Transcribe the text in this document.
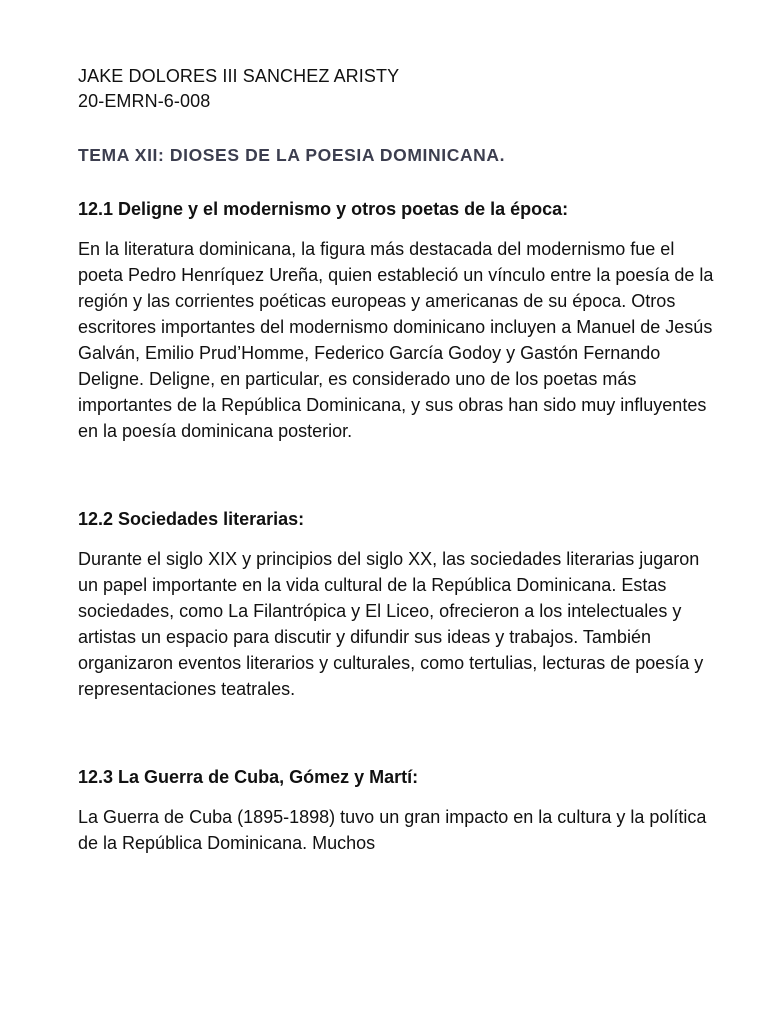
JAKE DOLORES III SANCHEZ ARISTY

20-EMRN-6-008

TEMA XII: DIOSES DE LA POESIA DOMINICANA.
12.1 Deligne y el modernismo y otros poetas de la época:

En la literatura dominicana, la figura más destacada del modernismo fue el poeta Pedro Henríquez Ureña, quien estableció un vínculo entre la poesía de la región y las corrientes poéticas europeas y americanas de su época. Otros escritores importantes del modernismo dominicano incluyen a Manuel de Jesús Galván, Emilio Prud’Homme, Federico García Godoy y Gastón Fernando Deligne. Deligne, en particular, es considerado uno de los poetas más importantes de la República Dominicana, y sus obras han sido muy influyentes en la poesía dominicana posterior.

12.2 Sociedades literarias:

Durante el siglo XIX y principios del siglo XX, las sociedades literarias jugaron un papel importante en la vida cultural de la República Dominicana. Estas sociedades, como La Filantrópica y El Liceo, ofrecieron a los intelectuales y artistas un espacio para discutir y difundir sus ideas y trabajos. También organizaron eventos literarios y culturales, como tertulias, lecturas de poesía y representaciones teatrales.

12.3 La Guerra de Cuba, Gómez y Martí:

La Guerra de Cuba (1895-1898) tuvo un gran impacto en la cultura y la política de la República Dominicana. Muchos
